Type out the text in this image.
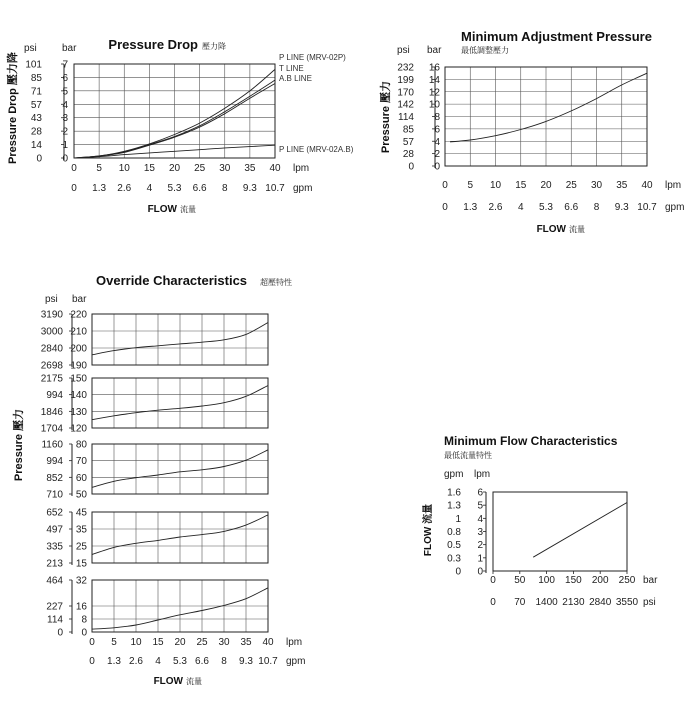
0
0
1
14
2
28
3
43
4
57
5
71
6
85
7
101
bar
psi	Pressure Drop 壓力降
Pressure Drop 壓力降	P LINE (MRV-02P)
T LINE
A.B LINE
P LINE (MRV-02A.B)
0
0
5
1.3
10
2.6
15
4
20
5.3
25
6.6
30
8
35
9.3
40
10.7
lpm
gpm
FLOW 流量
0
0
2
28
4
57
6
85
8
114
10
142
12
170
14
199
16
232
bar
psi
Minimum Adjustment Pressure
最低調整壓力
Pressure 壓力
0
0
5
1.3
10
2.6
15
4
20
5.3
25
6.6
30
8
35
9.3
40
10.7
lpm
gpm
FLOW 流量
Override Characteristics 超壓特性
bar
psi
Pressure 壓力
190
2698
200
2840
210
3000
220
3190
120
1704
130
1846
140
994
150
2175
50
710
60
852
70
994
80
1160
15
213
25
335
35
497
45
652
0
0
8
114
16
227
32
464
0
0
5
1.3
10
2.6
15
4
20
5.3
25
6.6
30
8
35
9.3
40
10.7
lpm
gpm
FLOW 流量
0
0
1
0.3
2
0.5
3
0.8
4
1
5
1.3
6
1.6
Minimum Flow Characteristics
最低流量特性
gpm lpm
FLOW 流量
0
0
50
70
100
1400
150
2130
200
2840
250
3550
bar
psi
